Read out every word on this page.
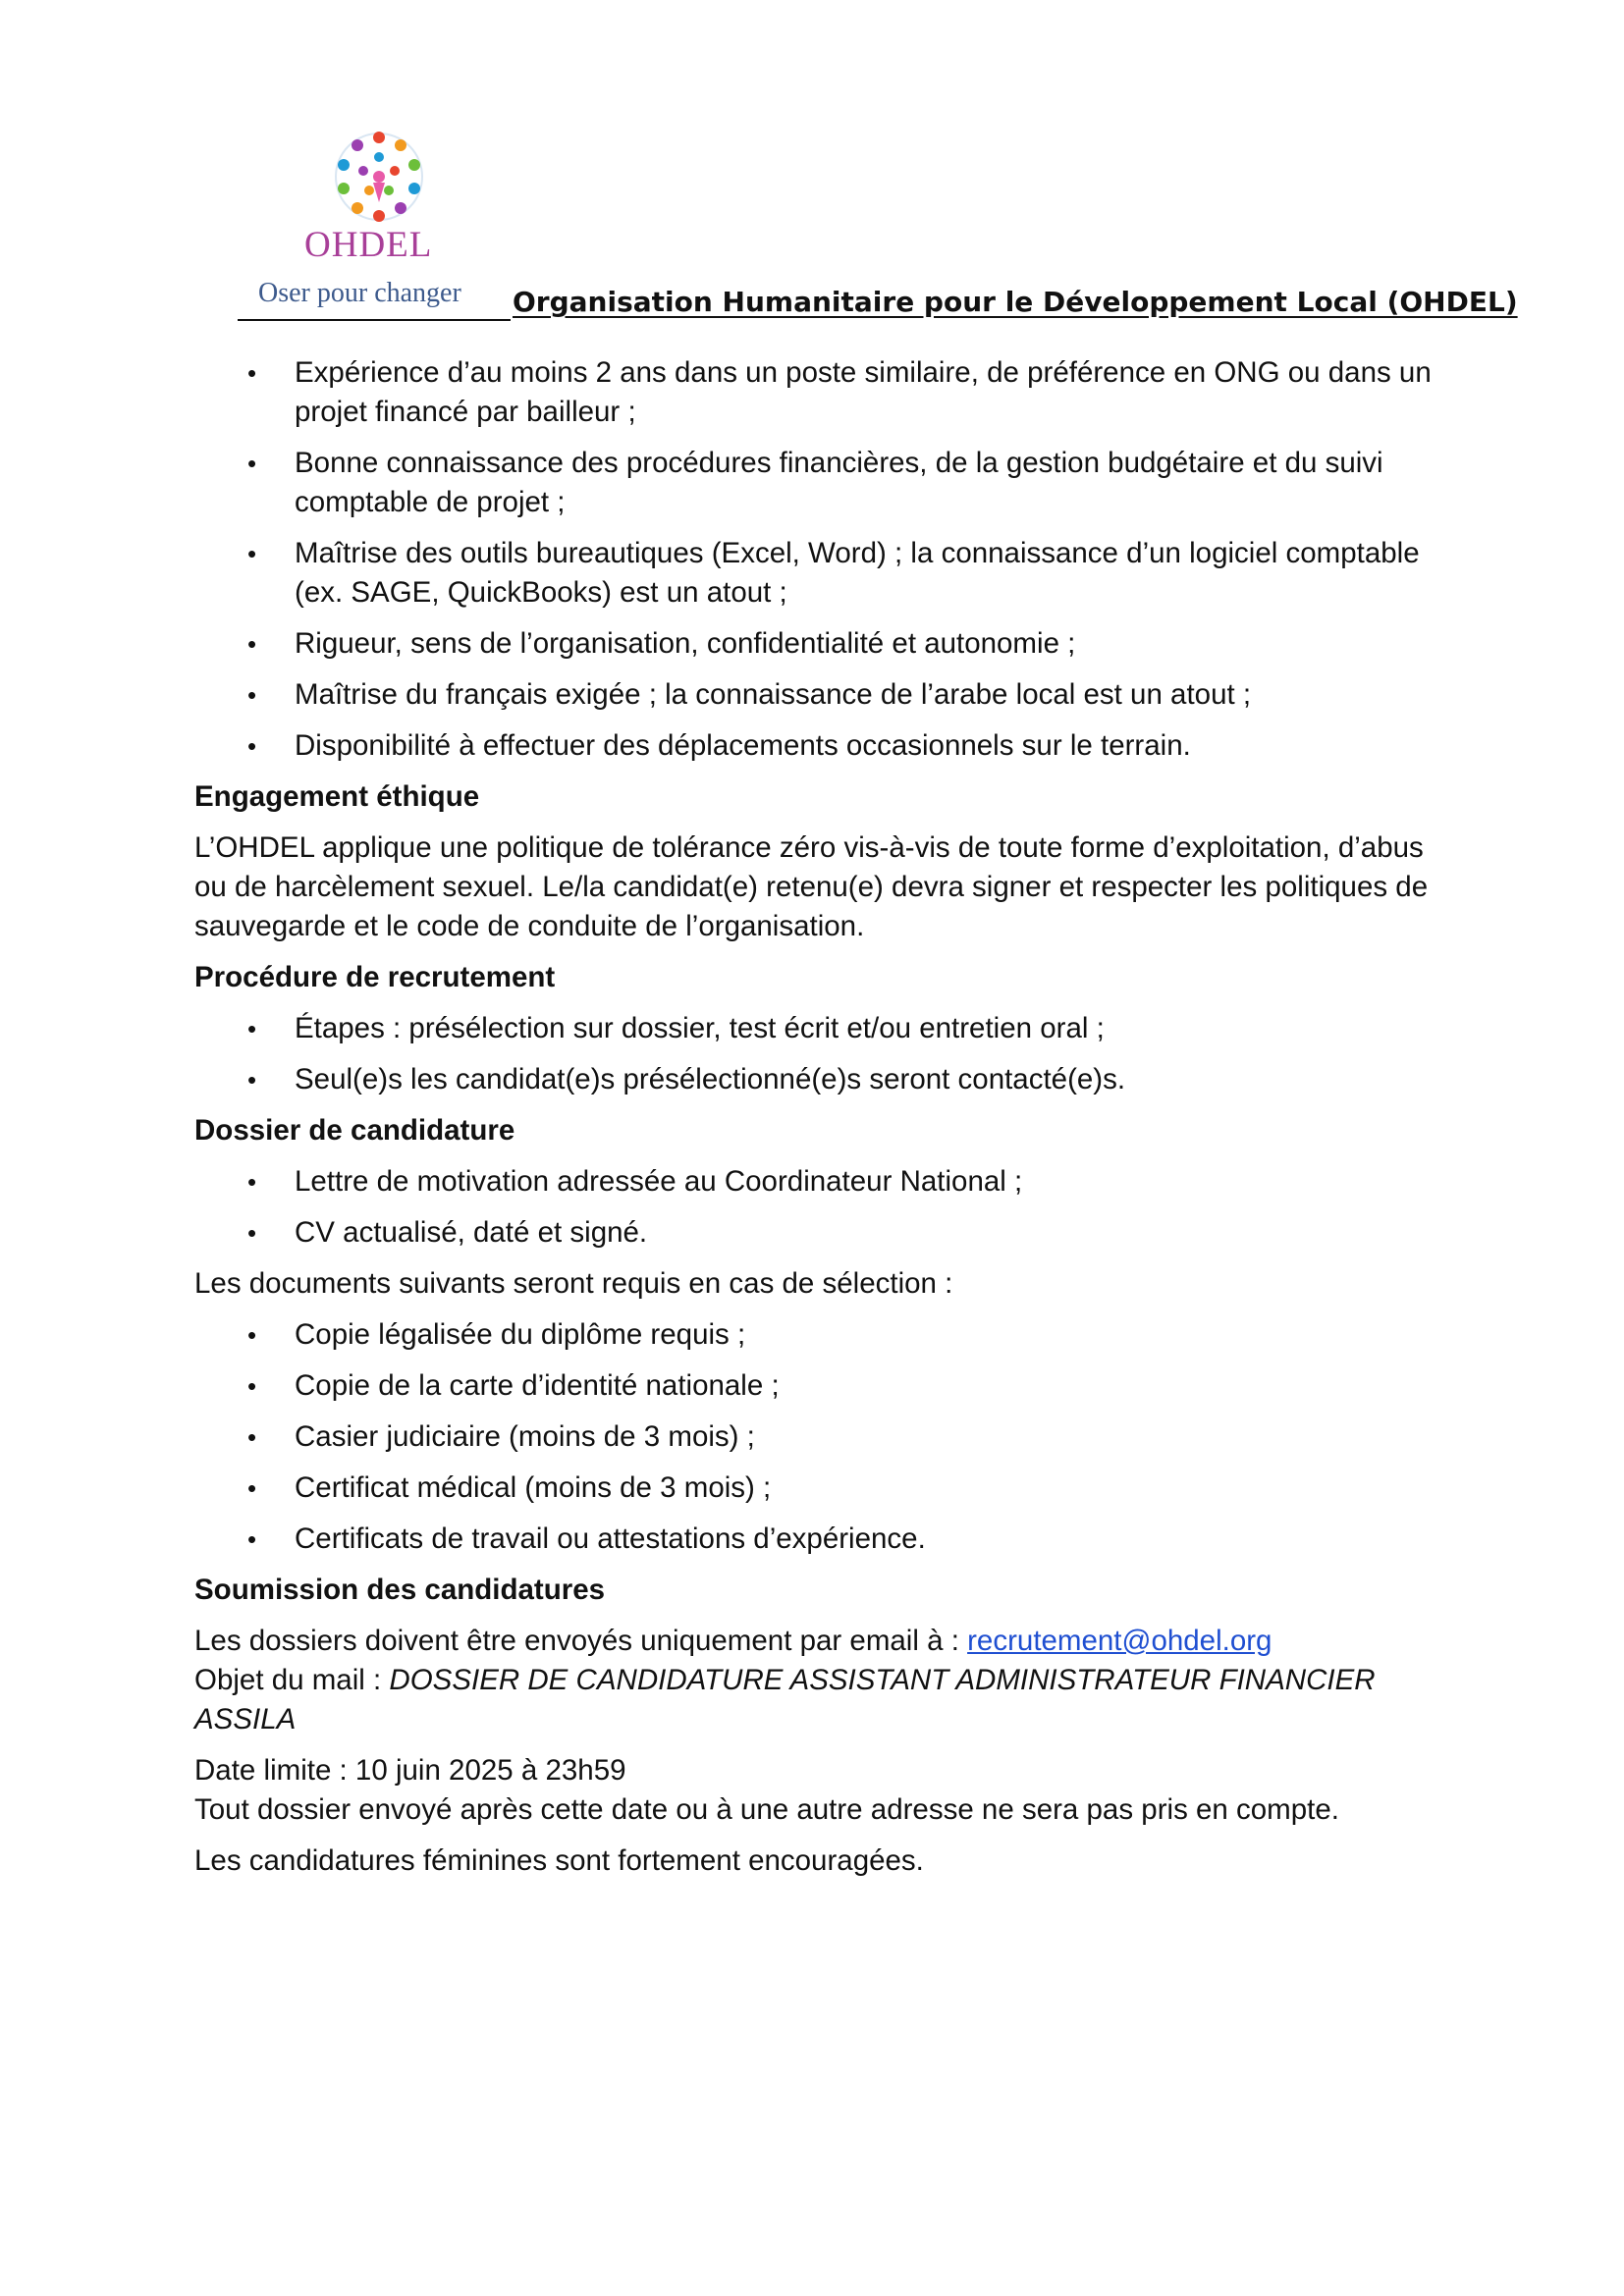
OHDEL
Oser pour changer Organisation Humanitaire pour le Développement Local (OHDEL)
• Expérience d’au moins 2 ans dans un poste similaire, de préférence en ONG ou dans un projet financé par bailleur ;
• Bonne connaissance des procédures financières, de la gestion budgétaire et du suivi comptable de projet ;
• Maîtrise des outils bureautiques (Excel, Word) ; la connaissance d’un logiciel comptable (ex. SAGE, QuickBooks) est un atout ;
• Rigueur, sens de l’organisation, confidentialité et autonomie ;
• Maîtrise du français exigée ; la connaissance de l’arabe local est un atout ;
• Disponibilité à effectuer des déplacements occasionnels sur le terrain.
Engagement éthique

L’OHDEL applique une politique de tolérance zéro vis-à-vis de toute forme d’exploitation, d’abus ou de harcèlement sexuel. Le/la candidat(e) retenu(e) devra signer et respecter les politiques de sauvegarde et le code de conduite de l’organisation.

Procédure de recrutement
• Étapes : présélection sur dossier, test écrit et/ou entretien oral ;
• Seul(e)s les candidat(e)s présélectionné(e)s seront contacté(e)s.
Dossier de candidature
• Lettre de motivation adressée au Coordinateur National ;
• CV actualisé, daté et signé.

Les documents suivants seront requis en cas de sélection :

• Copie légalisée du diplôme requis ;
• Copie de la carte d’identité nationale ;
• Casier judiciaire (moins de 3 mois) ;
• Certificat médical (moins de 3 mois) ;
• Certificats de travail ou attestations d’expérience.
Soumission des candidatures

Les dossiers doivent être envoyés uniquement par email à : recrutement@ohdel.org

Objet du mail : DOSSIER DE CANDIDATURE ASSISTANT ADMINISTRATEUR FINANCIER ASSILA

Date limite : 10 juin 2025 à 23h59

Tout dossier envoyé après cette date ou à une autre adresse ne sera pas pris en compte.

Les candidatures féminines sont fortement encouragées.
